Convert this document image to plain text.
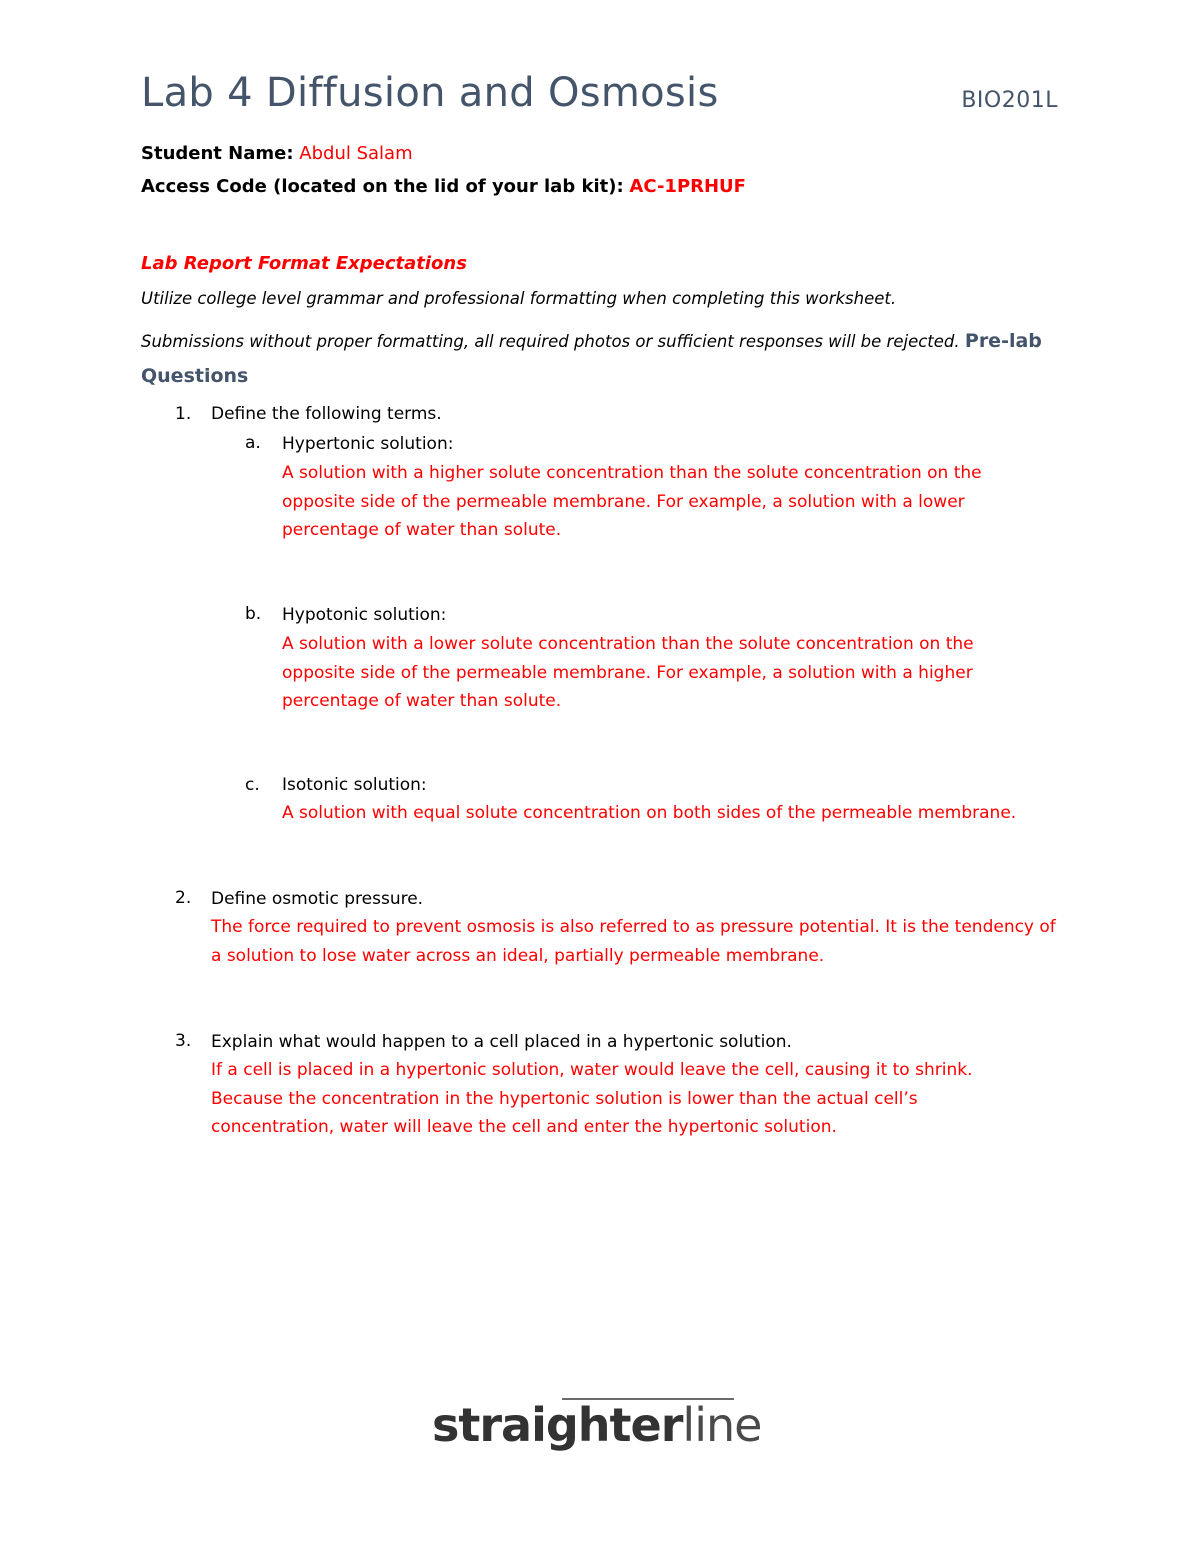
Lab 4 Diffusion and Osmosis	BIO201L
Student Name: Abdul Salam
Access Code (located on the lid of your lab kit): AC-1PRHUF
Lab Report Format Expectations
Utilize college level grammar and professional formatting when completing this worksheet.
Submissions without proper formatting, all required photos or sufficient responses will be rejected. Pre-lab Questions
1. Define the following terms.
a. Hypertonic solution:
A solution with a higher solute concentration than the solute concentration on the opposite side of the permeable membrane. For example, a solution with a lower percentage of water than solute.
b. Hypotonic solution:
A solution with a lower solute concentration than the solute concentration on the opposite side of the permeable membrane. For example, a solution with a higher percentage of water than solute.
c. Isotonic solution:
A solution with equal solute concentration on both sides of the permeable membrane.
2. Define osmotic pressure.
The force required to prevent osmosis is also referred to as pressure potential. It is the tendency of a solution to lose water across an ideal, partially permeable membrane.
3. Explain what would happen to a cell placed in a hypertonic solution.
If a cell is placed in a hypertonic solution, water would leave the cell, causing it to shrink. Because the concentration in the hypertonic solution is lower than the actual cell’s concentration, water will leave the cell and enter the hypertonic solution.
straighterline
